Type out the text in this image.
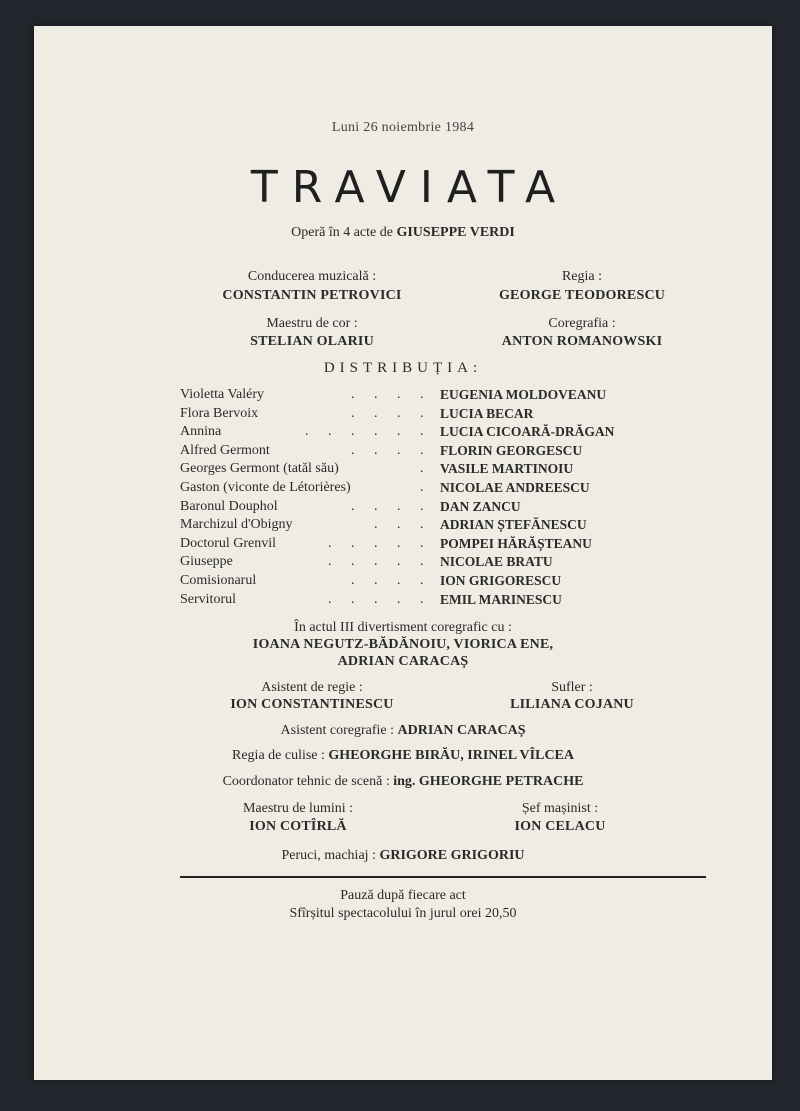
Luni 26 noiembrie 1984
TRAVIATA
Operă în 4 acte de GIUSEPPE VERDI
Conducerea muzicală :
CONSTANTIN PETROVICI
Regia :
GEORGE TEODORESCU
Maestru de cor :
STELIAN OLARIU
Coregrafia :
ANTON ROMANOWSKI
DISTRIBUȚIA:
Violetta Valéry	. . . . EUGENIA MOLDOVEANU
Flora Bervoix	. . . . LUCIA BECAR
Annina	. . . . . . LUCIA CICOARĂ-DRĂGAN
Alfred Germont	. . . . FLORIN GEORGESCU
Georges Germont (tatăl său)	. VASILE MARTINOIU
Gaston (viconte de Létorières)	. NICOLAE ANDREESCU
Baronul Douphol	. . . . DAN ZANCU
Marchizul d'Obigny	. . . ADRIAN ȘTEFĂNESCU
Doctorul Grenvil	. . . . . POMPEI HĂRĂȘTEANU
Giuseppe	. . . . . NICOLAE BRATU
Comisionarul	. . . . ION GRIGORESCU
Servitorul	. . . . . EMIL MARINESCU
În actul III divertisment coregrafic cu :
IOANA NEGUTZ-BĂDĂNOIU, VIORICA ENE,
ADRIAN CARACAȘ
Asistent de regie :
ION CONSTANTINESCU
Sufler :
LILIANA COJANU
Asistent coregrafie : ADRIAN CARACAȘ
Regia de culise : GHEORGHE BIRĂU, IRINEL VÎLCEA
Coordonator tehnic de scenă : ing. GHEORGHE PETRACHE
Maestru de lumini :
ION COTÎRLĂ
Șef mașinist :
ION CELACU
Peruci, machiaj : GRIGORE GRIGORIU
Pauză după fiecare act
Sfîrșitul spectacolului în jurul orei 20,50
